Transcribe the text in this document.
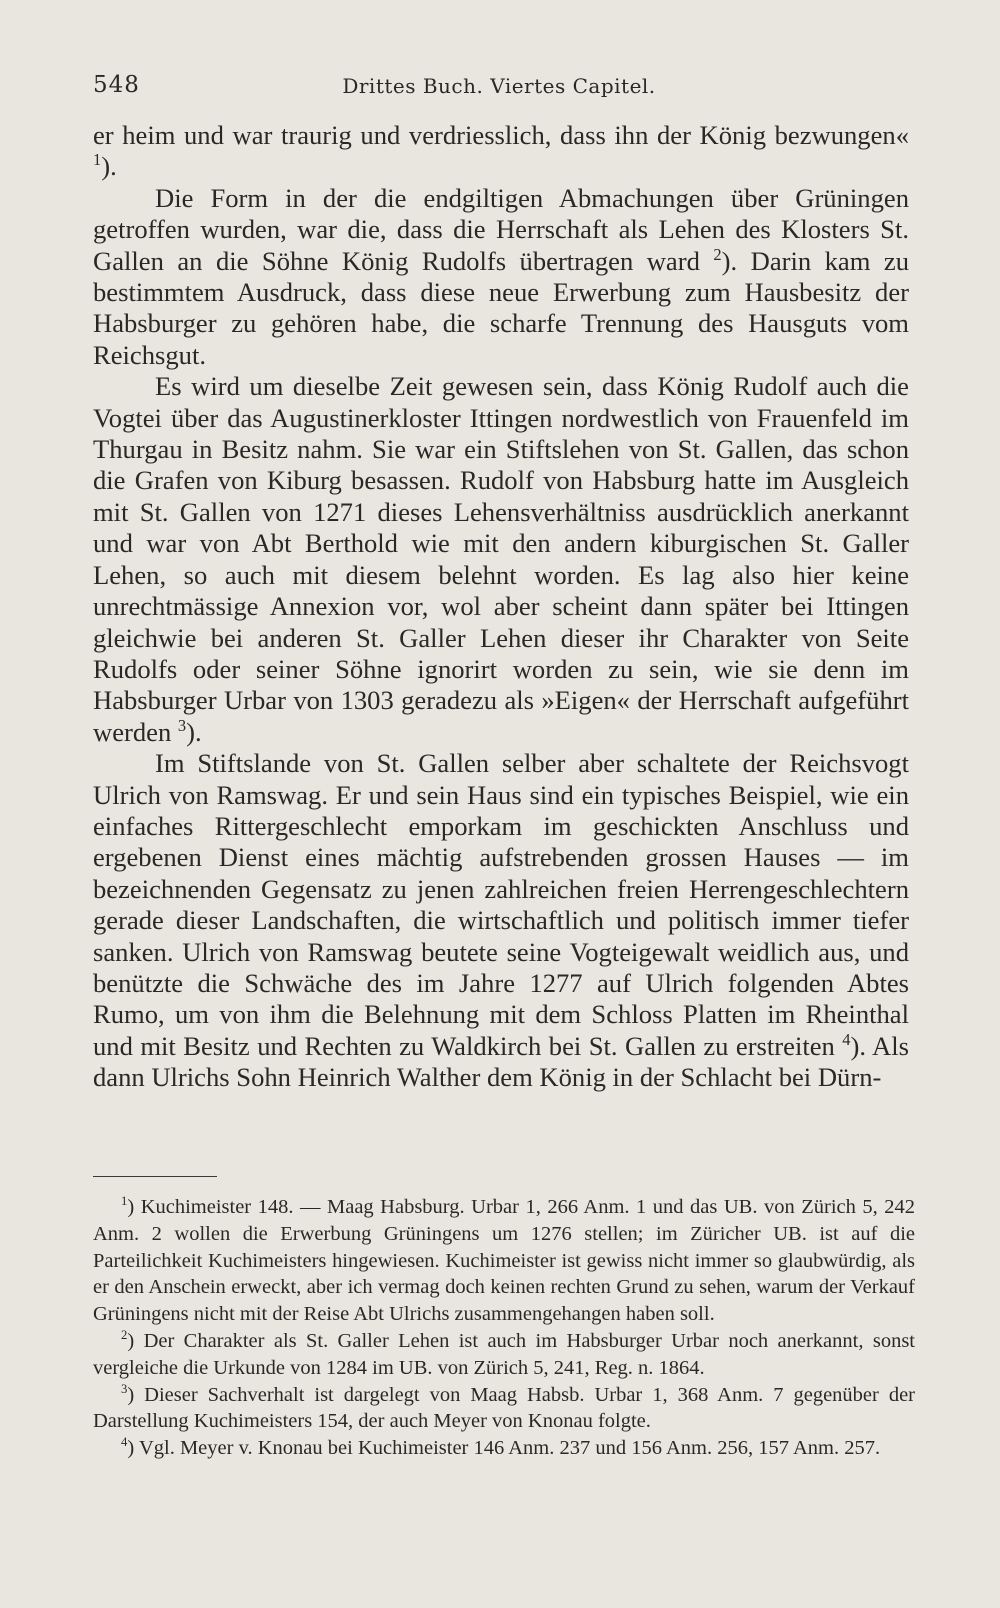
548	Drittes Buch. Viertes Capitel.

er heim und war traurig und verdriesslich, dass ihn der König bezwungen« $^1$).

Die Form in der die endgiltigen Abmachungen über Grüningen getroffen wurden, war die, dass die Herrschaft als Lehen des Klosters St. Gallen an die Söhne König Rudolfs übertragen ward $^2$). Darin kam zu bestimmtem Ausdruck, dass diese neue Erwerbung zum Hausbesitz der Habsburger zu gehören habe, die scharfe Trennung des Hausguts vom Reichsgut.

Es wird um dieselbe Zeit gewesen sein, dass König Rudolf auch die Vogtei über das Augustinerkloster Ittingen nordwestlich von Frauenfeld im Thurgau in Besitz nahm. Sie war ein Stiftslehen von St. Gallen, das schon die Grafen von Kiburg besassen. Rudolf von Habsburg hatte im Ausgleich mit St. Gallen von 1271 dieses Lehensverhältniss ausdrücklich anerkannt und war von Abt Berthold wie mit den andern kiburgischen St. Galler Lehen, so auch mit diesem belehnt worden. Es lag also hier keine unrechtmässige Annexion vor, wol aber scheint dann später bei Ittingen gleichwie bei anderen St. Galler Lehen dieser ihr Charakter von Seite Rudolfs oder seiner Söhne ignorirt worden zu sein, wie sie denn im Habsburger Urbar von 1303 geradezu als »Eigen« der Herrschaft aufgeführt werden $^3$).

Im Stiftslande von St. Gallen selber aber schaltete der Reichsvogt Ulrich von Ramswag. Er und sein Haus sind ein typisches Beispiel, wie ein einfaches Rittergeschlecht emporkam im geschickten Anschluss und ergebenen Dienst eines mächtig aufstrebenden grossen Hauses — im bezeichnenden Gegensatz zu jenen zahlreichen freien Herrengeschlechtern gerade dieser Landschaften, die wirtschaftlich und politisch immer tiefer sanken. Ulrich von Ramswag beutete seine Vogteigewalt weidlich aus, und benützte die Schwäche des im Jahre 1277 auf Ulrich folgenden Abtes Rumo, um von ihm die Belehnung mit dem Schloss Platten im Rheinthal und mit Besitz und Rechten zu Waldkirch bei St. Gallen zu erstreiten $^4$). Als dann Ulrichs Sohn Heinrich Walther dem König in der Schlacht bei Dürn-

$^1$) Kuchimeister 148. — Maag Habsburg. Urbar 1, 266 Anm. 1 und das UB. von Zürich 5, 242 Anm. 2 wollen die Erwerbung Grüningens um 1276 stellen; im Züricher UB. ist auf die Parteilichkeit Kuchimeisters hingewiesen. Kuchimeister ist gewiss nicht immer so glaubwürdig, als er den Anschein erweckt, aber ich vermag doch keinen rechten Grund zu sehen, warum der Verkauf Grüningens nicht mit der Reise Abt Ulrichs zusammengehangen haben soll.

$^2$) Der Charakter als St. Galler Lehen ist auch im Habsburger Urbar noch anerkannt, sonst vergleiche die Urkunde von 1284 im UB. von Zürich 5, 241, Reg. n. 1864.

$^3$) Dieser Sachverhalt ist dargelegt von Maag Habsb. Urbar 1, 368 Anm. 7 gegenüber der Darstellung Kuchimeisters 154, der auch Meyer von Knonau folgte.

$^4$) Vgl. Meyer v. Knonau bei Kuchimeister 146 Anm. 237 und 156 Anm. 256, 157 Anm. 257.
